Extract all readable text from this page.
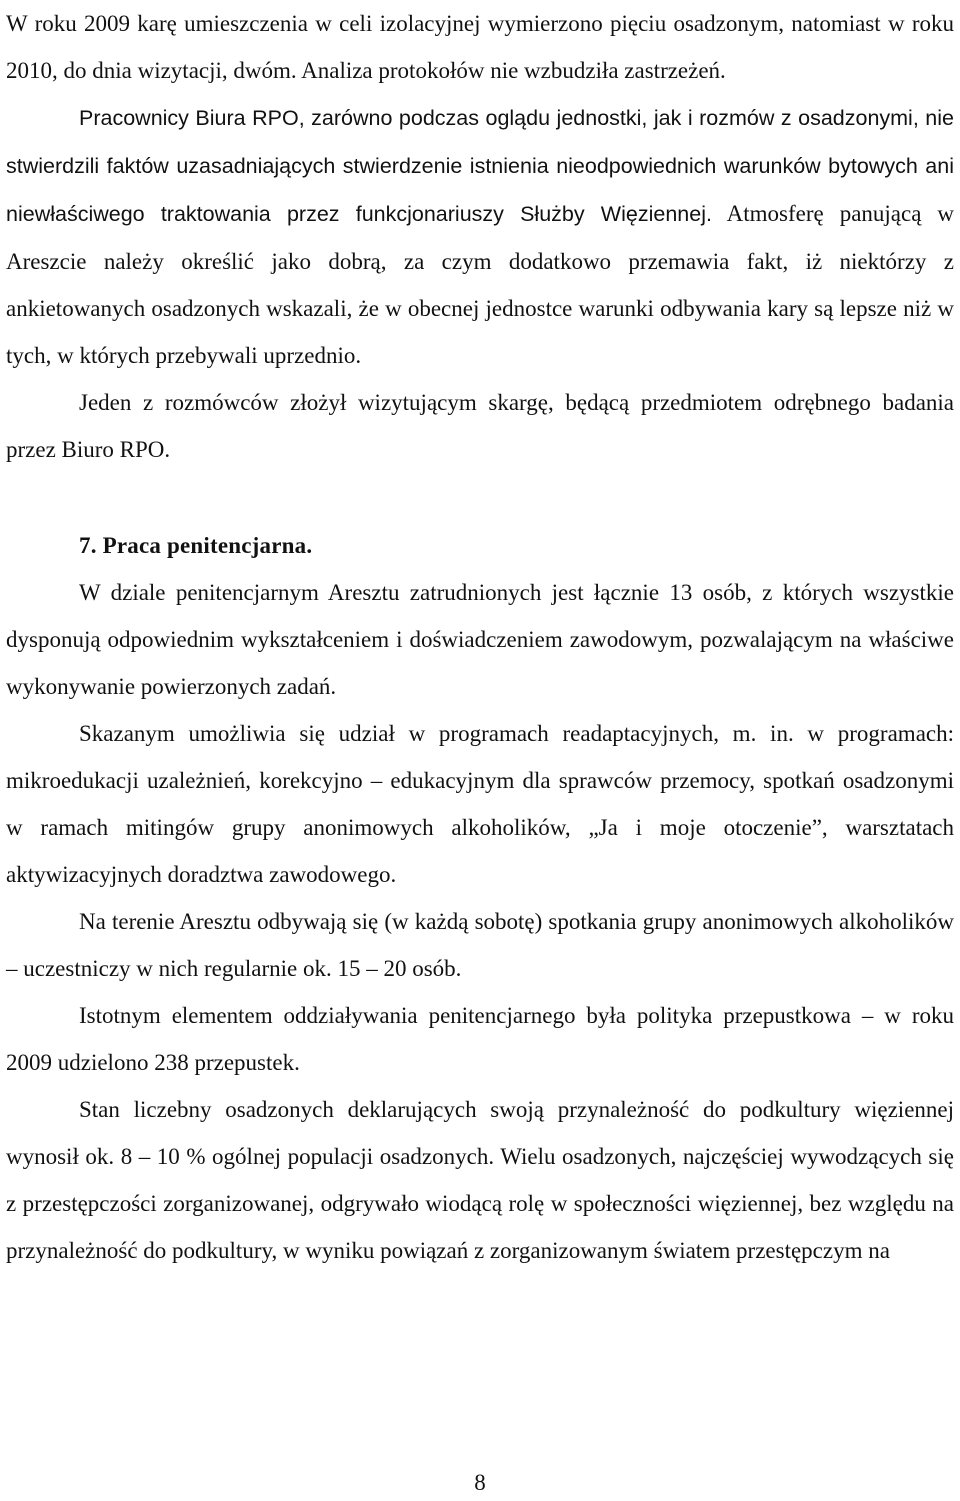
W roku 2009 karę umieszczenia w celi izolacyjnej wymierzono pięciu osadzonym, natomiast w roku 2010, do dnia wizytacji, dwóm. Analiza protokołów nie wzbudziła zastrzeżeń.

Pracownicy Biura RPO, zarówno podczas oglądu jednostki, jak i rozmów z osadzonymi, nie stwierdzili faktów uzasadniających stwierdzenie istnienia nieodpowiednich warunków bytowych ani niewłaściwego traktowania przez funkcjonariuszy Służby Więziennej. Atmosferę panującą w Areszcie należy określić jako dobrą, za czym dodatkowo przemawia fakt, iż niektórzy z ankietowanych osadzonych wskazali, że w obecnej jednostce warunki odbywania kary są lepsze niż w tych, w których przebywali uprzednio.

Jeden z rozmówców złożył wizytującym skargę, będącą przedmiotem odrębnego badania przez Biuro RPO.

7. Praca penitencjarna.

W dziale penitencjarnym Aresztu zatrudnionych jest łącznie 13 osób, z których wszystkie dysponują odpowiednim wykształceniem i doświadczeniem zawodowym, pozwalającym na właściwe wykonywanie powierzonych zadań.

Skazanym umożliwia się udział w programach readaptacyjnych, m. in. w programach: mikroedukacji uzależnień, korekcyjno – edukacyjnym dla sprawców przemocy, spotkań osadzonymi w ramach mitingów grupy anonimowych alkoholików, „Ja i moje otoczenie”, warsztatach aktywizacyjnych doradztwa zawodowego.

Na terenie Aresztu odbywają się (w każdą sobotę) spotkania grupy anonimowych alkoholików – uczestniczy w nich regularnie ok. 15 – 20 osób.

Istotnym elementem oddziaływania penitencjarnego była polityka przepustkowa – w roku 2009 udzielono 238 przepustek.

Stan liczebny osadzonych deklarujących swoją przynależność do podkultury więziennej wynosił ok. 8 – 10 % ogólnej populacji osadzonych. Wielu osadzonych, najczęściej wywodzących się z przestępczości zorganizowanej, odgrywało wiodącą rolę w społeczności więziennej, bez względu na przynależność do podkultury, w wyniku powiązań z zorganizowanym światem przestępczym na

8
